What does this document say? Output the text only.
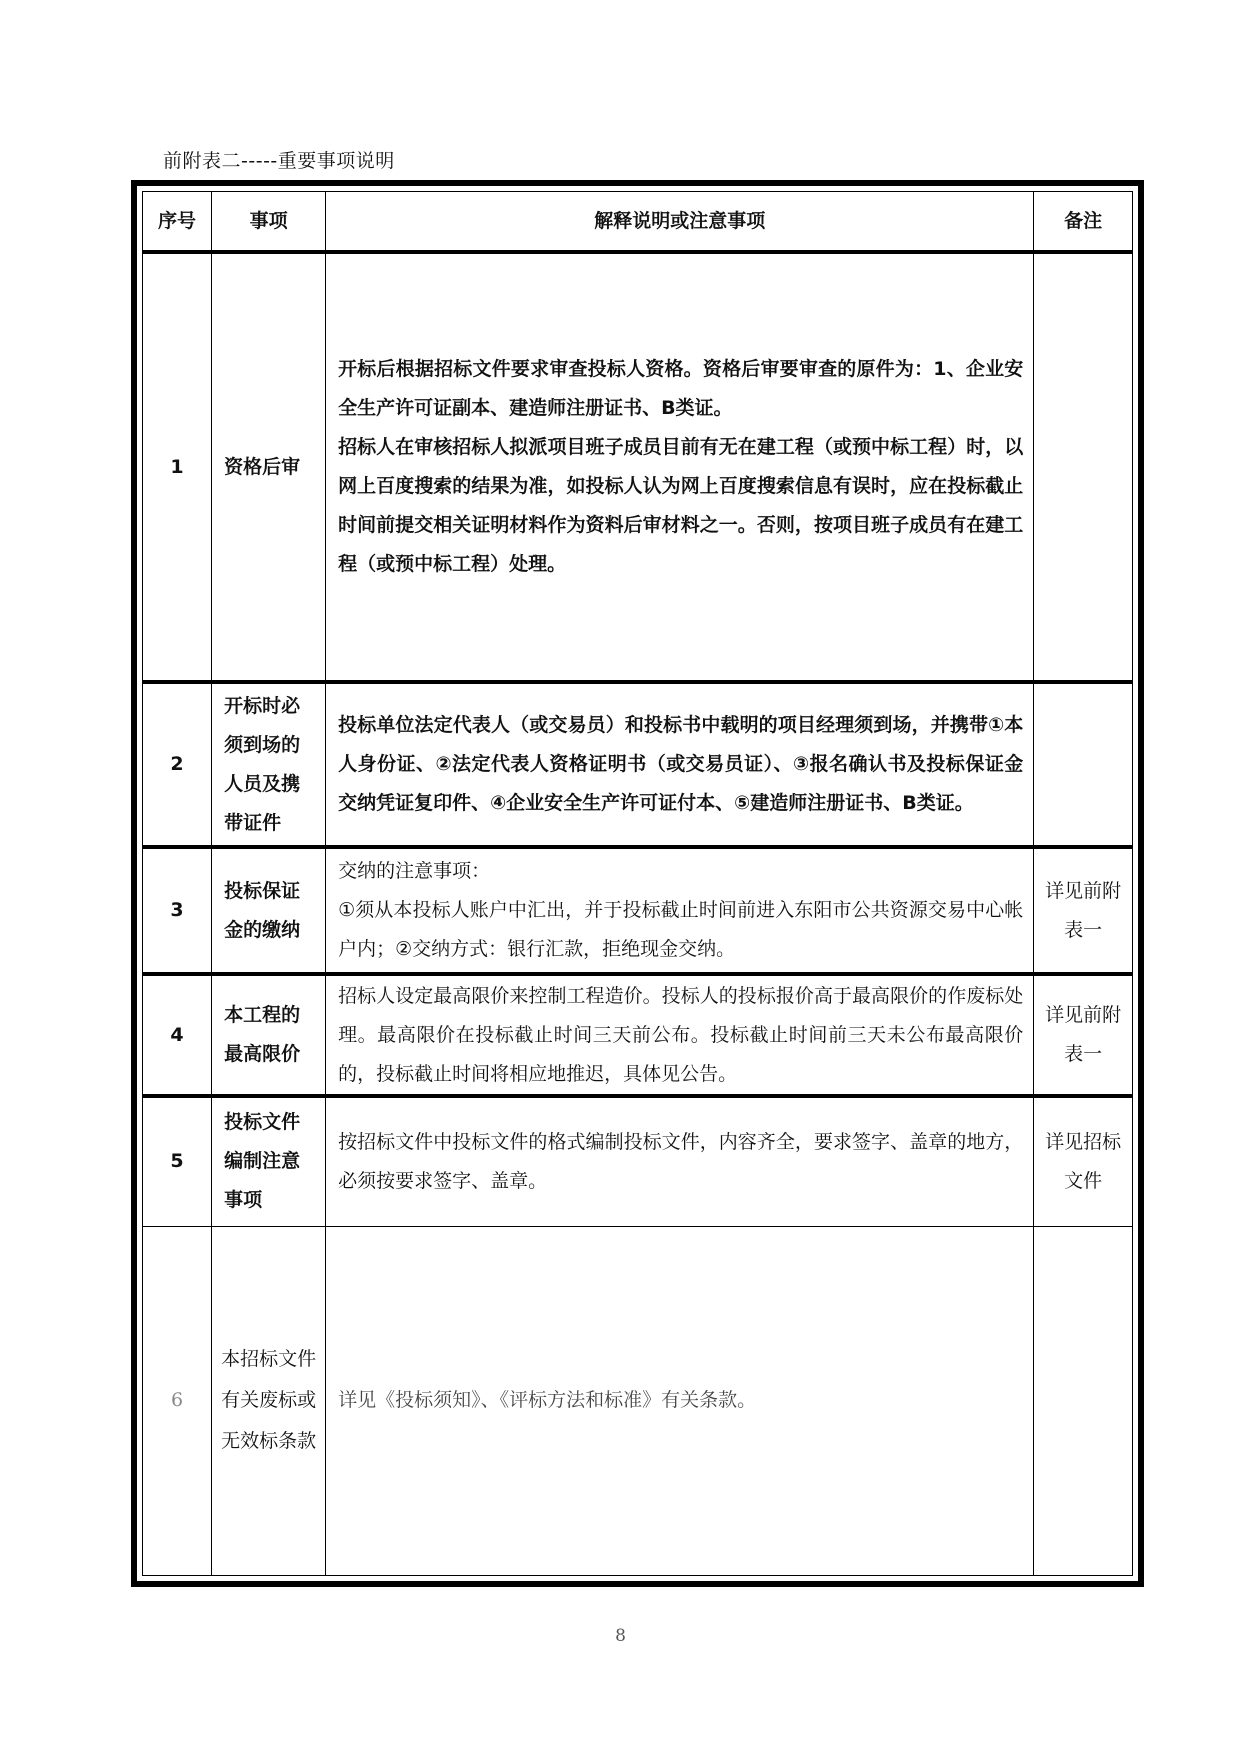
前附表二-----重要事项说明
序号	事项	解释说明或注意事项	备注
1	资格后审	开标后根据招标文件要求审查投标人资格。资格后审要审查的原件为：1、企业安全生产许可证副本、建造师注册证书、B类证。
招标人在审核招标人拟派项目班子成员目前有无在建工程（或预中标工程）时，以网上百度搜索的结果为准，如投标人认为网上百度搜索信息有误时，应在投标截止时间前提交相关证明材料作为资料后审材料之一。否则，按项目班子成员有在建工程（或预中标工程）处理。	

2	开标时必须到场的人员及携带证件	投标单位法定代表人（或交易员）和投标书中载明的项目经理须到场，并携带①本人身份证、②法定代表人资格证明书（或交易员证）、③报名确认书及投标保证金交纳凭证复印件、④企业安全生产许可证付本、⑤建造师注册证书、B类证。	
3	投标保证金的缴纳	交纳的注意事项：
①须从本投标人账户中汇出，并于投标截止时间前进入东阳市公共资源交易中心帐户内；②交纳方式：银行汇款，拒绝现金交纳。	详见前附表一
4	本工程的最高限价	招标人设定最高限价来控制工程造价。投标人的投标报价高于最高限价的作废标处理。最高限价在投标截止时间三天前公布。投标截止时间前三天未公布最高限价的，投标截止时间将相应地推迟，具体见公告。	详见前附表一
5	投标文件编制注意事项	按招标文件中投标文件的格式编制投标文件，内容齐全，要求签字、盖章的地方，必须按要求签字、盖章。	详见招标文件
6	本招标文件有关废标或无效标条款	详见《投标须知》、《评标方法和标准》有关条款。	
8
